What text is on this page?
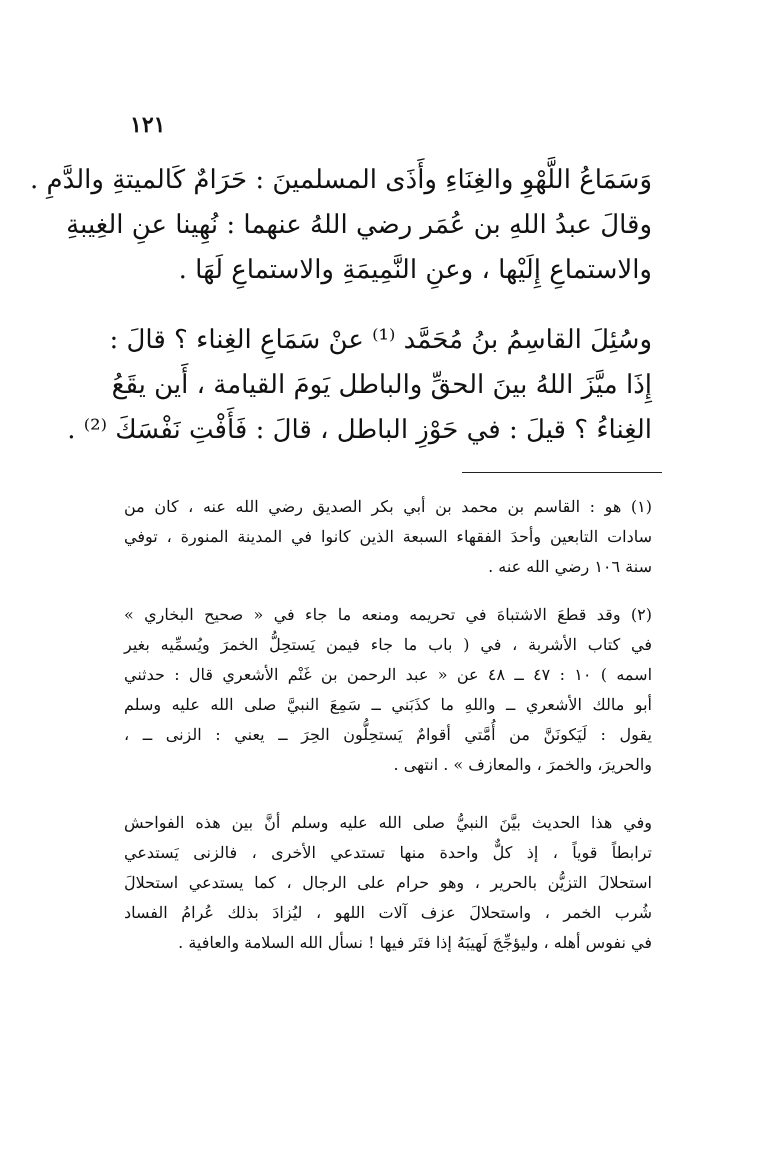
١٢١
وَسَمَاعُ اللَّهْوِ والغِنَاءِ وأَذَى المسلمينَ : حَرَامٌ كَالميتةِ والدَّمِ .
وقالَ عبدُ اللهِ بن عُمَر رضي اللهُ عنهما : نُهِينا عنِ الغِيبةِ
والاستماعِ إِلَيْها ، وعنِ النَّمِيمَةِ والاستماعِ لَهَا .
وسُئِلَ القاسِمُ بنُ مُحَمَّد ⁽¹⁾ عنْ سَمَاعِ الغِناء ؟ قالَ :
إِذَا ميَّزَ اللهُ بينَ الحقِّ والباطل يَومَ القيامة ، أَين يقَعُ
الغِناءُ ؟ قيلَ : في حَوْزِ الباطل ، قالَ : فَأَفْتِ نَفْسَكَ ⁽²⁾ .
(١) هو : القاسم بن محمد بن أبي بكر الصديق رضي الله عنه ، كان من
سادات التابعين وأحدَ الفقهاء السبعة الذين كانوا في المدينة المنورة ، توفي
سنة ١٠٦ رضي الله عنه .
(٢) وقد قطعَ الاشتباهَ في تحريمه ومنعه ما جاء في « صحيح البخاري »
في كتاب الأشربة ، في ( باب ما جاء فيمن يَستحِلُّ الخمرَ ويُسمِّيه بغير
اسمه ) ١٠ : ٤٧ ــ ٤٨ عن « عبد الرحمن بن غَنْم الأشعري قال : حدثني
أبو مالك الأشعري ــ واللهِ ما كذَبَني ــ سَمِعَ النبيَّ صلى الله عليه وسلم
يقول : لَيَكونَنَّ من أُمَّتي أقوامٌ يَستحِلُّون الحِرَ ــ يعني : الزنى ــ ،
والحريرَ، والخمرَ ، والمعازف » . انتهى .
وفي هذا الحديث بيَّنَ النبيُّ صلى الله عليه وسلم أنَّ بين هذه الفواحش
ترابطاً قوياً ، إذ كلٌّ واحدة منها تستدعي الأخرى ، فالزنى يَستدعي
استحلالَ التزيُّن بالحرير ، وهو حرام على الرجال ، كما يستدعي استحلالَ
شُرب الخمر ، واستحلالَ عزف آلات اللهو ، ليُزادَ بذلك عُرامُ الفساد
في نفوس أهله ، وليؤجِّجَ لَهيبَهُ إذا فتَر فيها ! نسأل الله السلامة والعافية .
